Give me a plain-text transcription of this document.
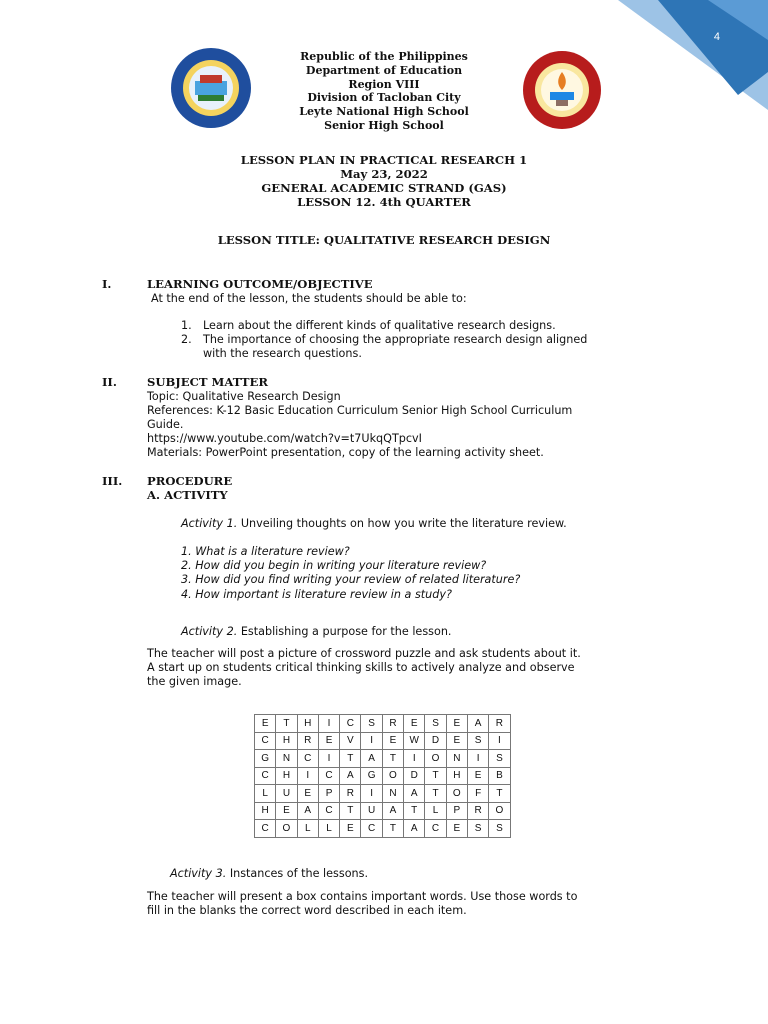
4
Republic of the Philippines
Department of Education
Region VIII
Division of Tacloban City
Leyte National High School
Senior High School
LESSON PLAN IN PRACTICAL RESEARCH 1
May 23, 2022
GENERAL ACADEMIC STRAND (GAS)
LESSON 12. 4th QUARTER
LESSON TITLE: QUALITATIVE RESEARCH DESIGN
I.	LEARNING OUTCOME/OBJECTIVE
At the end of the lesson, the students should be able to:
1. Learn about the different kinds of qualitative research designs.
2. The importance of choosing the appropriate research design aligned
with the research questions.
II.	SUBJECT MATTER
Topic: Qualitative Research Design
References: K-12 Basic Education Curriculum Senior High School Curriculum
Guide.
https://www.youtube.com/watch?v=t7UkqQTpcvI
Materials: PowerPoint presentation, copy of the learning activity sheet.
III. PROCEDURE
A. ACTIVITY
Activity 1. Unveiling thoughts on how you write the literature review.
1. What is a literature review?
2. How did you begin in writing your literature review?
3. How did you find writing your review of related literature?
4. How important is literature review in a study?
Activity 2. Establishing a purpose for the lesson.
The teacher will post a picture of crossword puzzle and ask students about it.
A start up on students critical thinking skills to actively analyze and observe
the given image.
E	T	H	I	C	S	R	E	S	E	A	R
C	H	R	E	V	I	E	W	D	E	S	I
G	N	C	I	T	A	T	I	O	N	I	S
C	H	I	C	A	G	O	D	T	H	E	B
L	U	E	P	R	I	N	A	T	O	F	T
H	E	A	C	T	U	A	T	L	P	R	O
C	O	L	L	E	C	T	A	C	E	S	S
Activity 3. Instances of the lessons.
The teacher will present a box contains important words. Use those words to
fill in the blanks the correct word described in each item.
